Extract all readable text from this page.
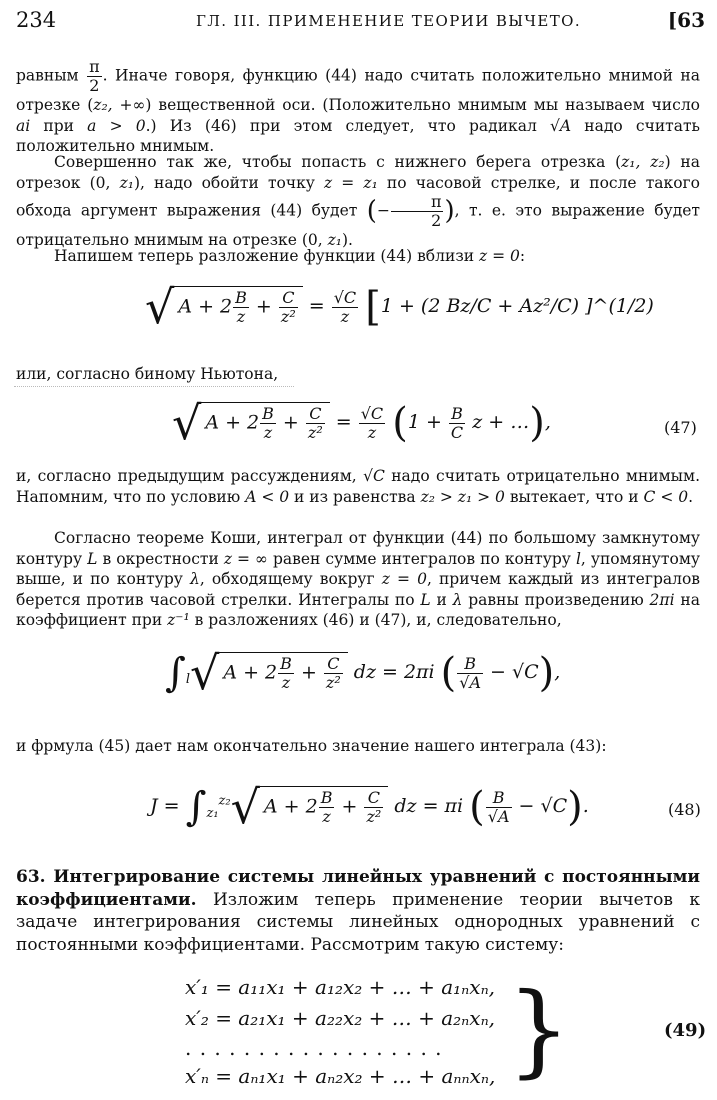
234	ГЛ. III. ПРИМЕНЕНИЕ ТЕОРИИ ВЫЧЕТО.	[63

равным $\frac{\pi}{2}$ . Иначе говоря, функцию (44) надо считать положительно мнимой на отрезке (z₂, +∞) вещественной оси. (Положительно мнимым мы называем число ai при a > 0.) Из (46) при этом следует, что радикал √A надо считать положительно мнимым.

Совершенно так же, чтобы попасть с нижнего берега отрезка (z₁, z₂) на отрезок (0, z₁), надо обойти точку z = z₁ по часовой стрелке, и после такого обхода аргумент выражения (44) будет (− $\frac{\pi}{2}$ ), т. е. это выражение будет отрицательно мнимым на отрезке (0, z₁).

Напишем теперь разложение функции (44) вблизи z = 0:

√ $A + 2 \frac{B}{z} + \frac{C}{\text{z²}} = \frac{√C}{z} [1 + (2$ Bz/C + Az²/C) ]^(1/2)

или, согласно биному Ньютона,

√ $A + 2 \frac{B}{z} + \frac{C}{\text{z²}} = \frac{√C}{z} (1 + \frac{B}{C}$ z + …),	(47)

и, согласно предыдущим рассуждениям, √C надо считать отрицательно мнимым. Напомним, что по условию A < 0 и из равенства z₂ > z₁ > 0 вытекает, что и C < 0.

Согласно теореме Коши, интеграл от функции (44) по большому замкнутому контуру L в окрестности z = ∞ равен сумме интегралов по контуру l, упомянутому выше, и по контуру λ, обходящему вокруг z = 0, причем каждый из интегралов берется против часовой стрелки. Интегралы по L и λ равны произведению 2πi на коэффициент при z⁻¹ в разложениях (46) и (47), и, следовательно,

$\int_l√$ $A + 2 \frac{B}{z} + \frac{C}{\text{z²}}$ dz = 2πi ( $\frac{B}{√A} - √C$),

и фрмула (45) дает нам окончательно значение нашего интеграла (43):

$J = \int_{z_1}^{z_2}√$ $A + 2 \frac{B}{z} + \frac{C}{\text{z²}}$ dz = πi ( $\frac{B}{√A} - √C$).	(48)

63. Интегрирование системы линейных уравнений с постоянными коэффициентами. Изложим теперь применение теории вычетов к задаче интегрирования системы линейных однородных уравнений с постоянными коэффициентами. Рассмотрим такую систему:

x′₁ = a₁₁x₁ + a₁₂x₂ + … + a₁ₙxₙ,
x′₂ = a₂₁x₁ + a₂₂x₂ + … + a₂ₙxₙ,
. . . . . . . . . . . . . . . . . .
x′ₙ = aₙ₁x₁ + aₙ₂x₂ + … + aₙₙxₙ, }	(49)
